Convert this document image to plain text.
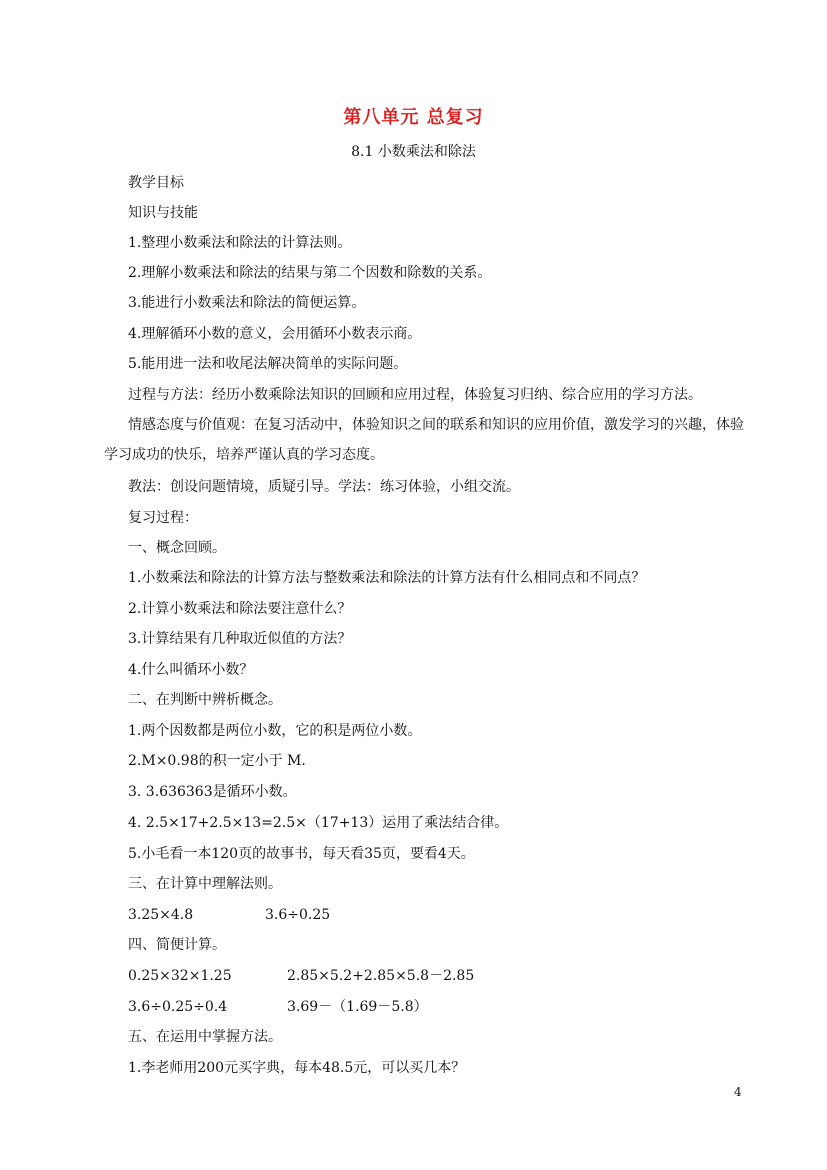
第八单元 总复习
8.1 小数乘法和除法
教学目标
知识与技能
1.整理小数乘法和除法的计算法则。
2.理解小数乘法和除法的结果与第二个因数和除数的关系。
3.能进行小数乘法和除法的简便运算。
4.理解循环小数的意义，会用循环小数表示商。
5.能用进一法和收尾法解决简单的实际问题。
过程与方法：经历小数乘除法知识的回顾和应用过程，体验复习归纳、综合应用的学习方法。
情感态度与价值观：在复习活动中，体验知识之间的联系和知识的应用价值，激发学习的兴趣，体验学习成功的快乐，培养严谨认真的学习态度。
教法：创设问题情境，质疑引导。学法：练习体验，小组交流。
复习过程：
一、概念回顾。
1.小数乘法和除法的计算方法与整数乘法和除法的计算方法有什么相同点和不同点？
2.计算小数乘法和除法要注意什么？
3.计算结果有几种取近似值的方法？
4.什么叫循环小数？
二、在判断中辨析概念。
1.两个因数都是两位小数，它的积是两位小数。
2.M×0.98的积一定小于 M.
3. 3.636363是循环小数。
4. 2.5×17+2.5×13=2.5×（17+13）运用了乘法结合律。
5.小毛看一本120页的故事书，每天看35页，要看4天。
三、在计算中理解法则。
3.25×4.8	3.6÷0.25
四、简便计算。
0.25×32×1.25	2.85×5.2+2.85×5.8－2.85
3.6÷0.25÷0.4	3.69－（1.69－5.8）
五、在运用中掌握方法。
1.李老师用200元买字典，每本48.5元，可以买几本？
4
